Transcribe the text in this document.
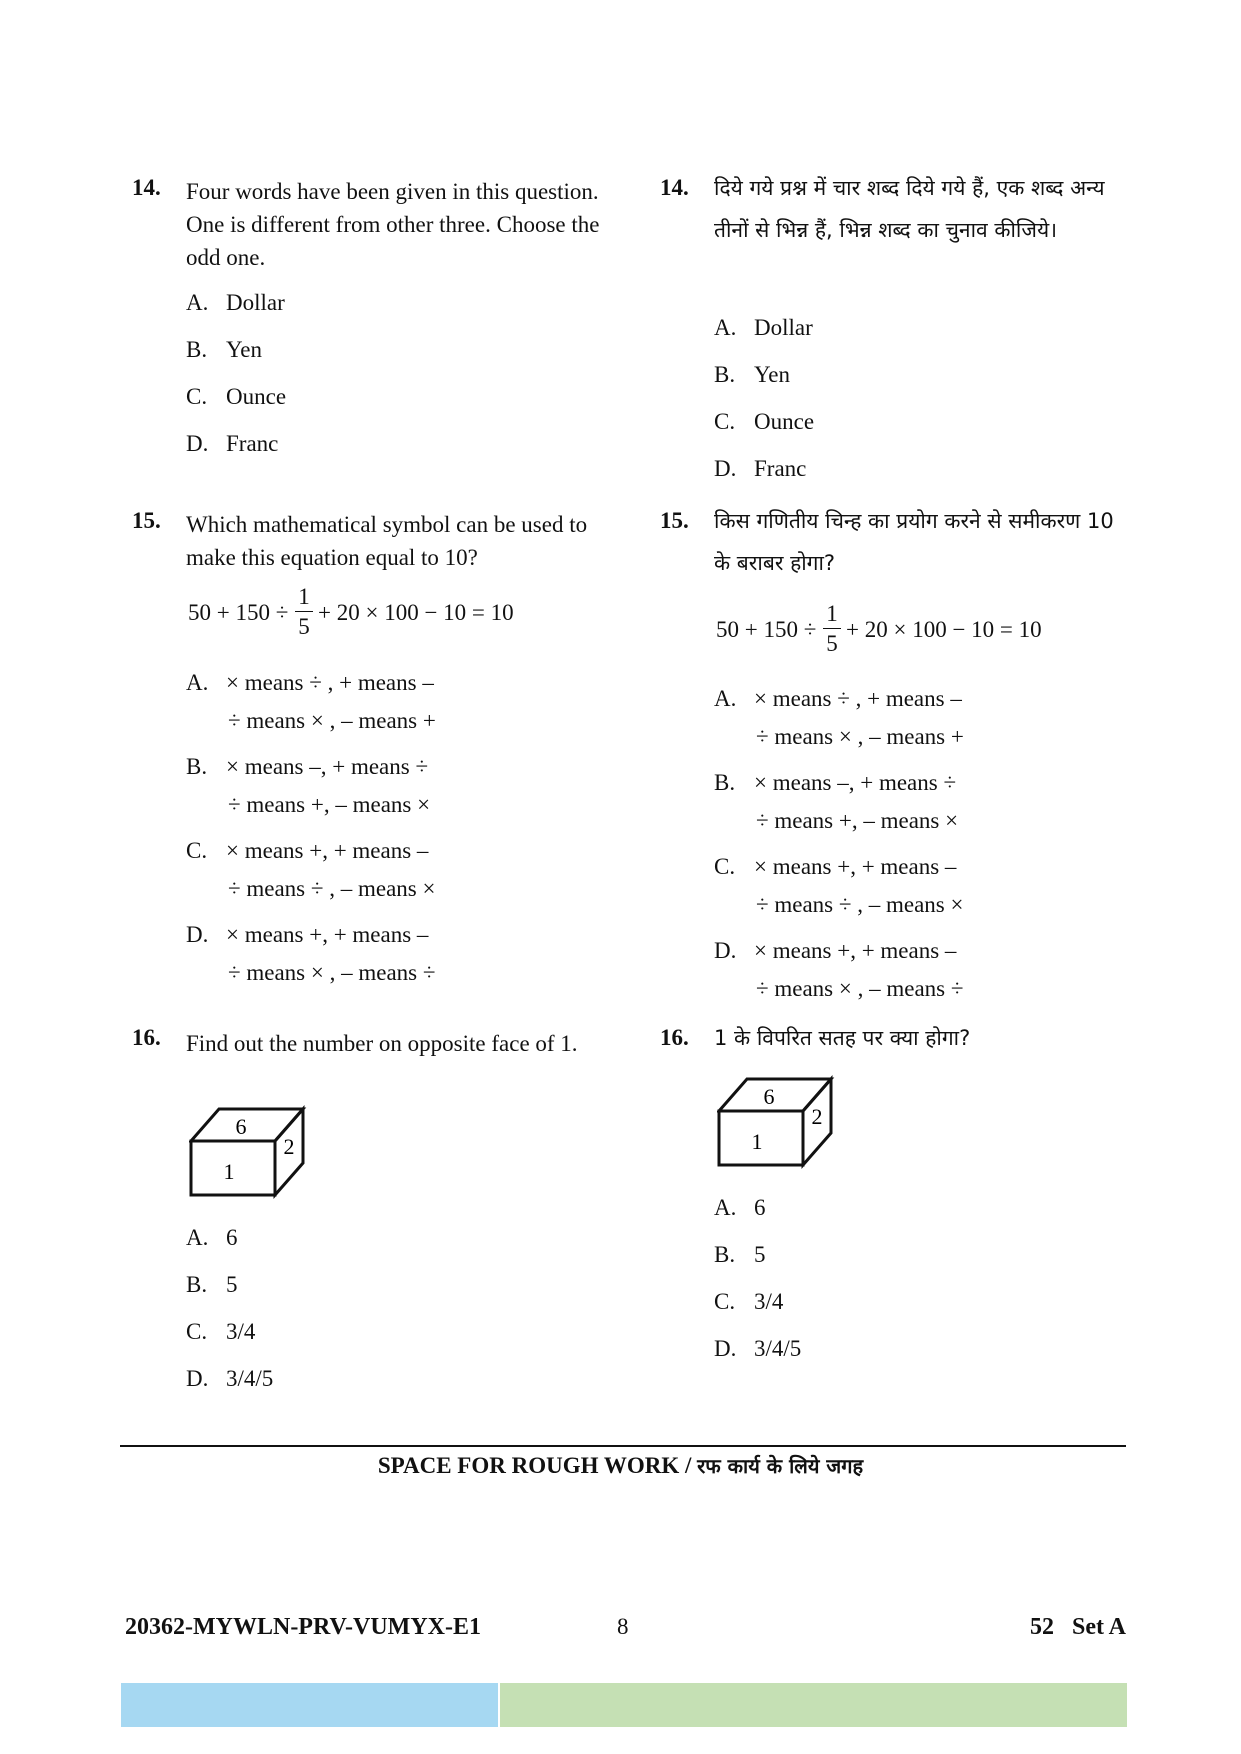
14. Four words have been given in this question. One is different from other three. Choose the odd one.
A. Dollar
B. Yen
C. Ounce
D. Franc
15. Which mathematical symbol can be used to make this equation equal to 10?
50 + 150 ÷
1
5
+ 20 × 100 − 10 = 10
A. × means ÷ , + means –
÷ means × , – means +
B. × means –, + means ÷
÷ means +, – means ×
C. × means +, + means –
÷ means ÷ , – means ×
D. × means +, + means –
÷ means × , – means ÷
16. Find out the number on opposite face of 1.
6
1
2
A. 6
B. 5
C. 3/4
D. 3/4/5
14. दिये गये प्रश्न में चार शब्द दिये गये हैं, एक शब्द अन्य तीनों से भिन्न हैं, भिन्न शब्द का चुनाव कीजिये।
A. Dollar
B. Yen
C. Ounce
D. Franc
15. किस गणितीय चिन्ह का प्रयोग करने से समीकरण 10 के बराबर होगा?
50 + 150 ÷
1
5
+ 20 × 100 − 10 = 10
A. × means ÷ , + means –
÷ means × , – means +
B. × means –, + means ÷
÷ means +, – means ×
C. × means +, + means –
÷ means ÷ , – means ×
D. × means +, + means –
÷ means × , – means ÷
16. 1 के विपरित सतह पर क्या होगा?
6
1
2
A. 6
B. 5
C. 3/4
D. 3/4/5
SPACE FOR ROUGH WORK / रफ कार्य के लिये जगह
20362-MYWLN-PRV-VUMYX-E1	8	52   Set A
